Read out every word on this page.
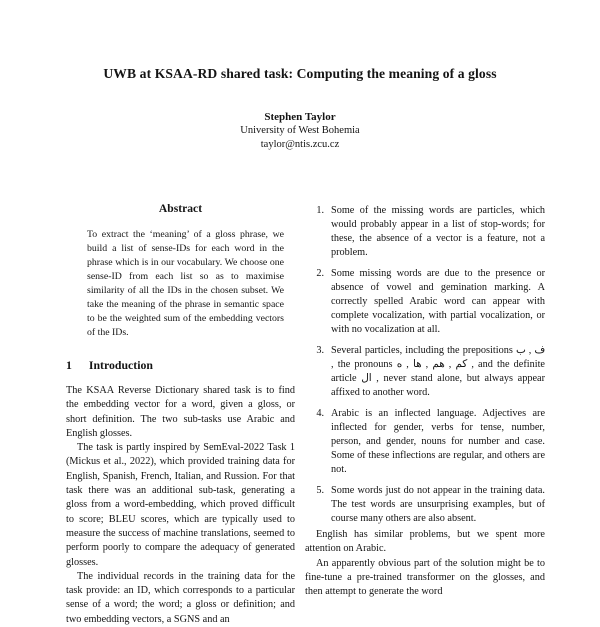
UWB at KSAA-RD shared task: Computing the meaning of a gloss
Stephen Taylor
University of West Bohemia
taylor@ntis.zcu.cz
Abstract
To extract the ‘meaning’ of a gloss phrase, we build a list of sense-IDs for each word in the phrase which is in our vocabulary. We choose one sense-ID from each list so as to maximise similarity of all the IDs in the chosen subset. We take the meaning of the phrase in semantic space to be the weighted sum of the embedding vectors of the IDs.
1 Introduction
The KSAA Reverse Dictionary shared task is to find the embedding vector for a word, given a gloss, or short definition. The two sub-tasks use Arabic and English glosses.
The task is partly inspired by SemEval-2022 Task 1 (Mickus et al., 2022), which provided training data for English, Spanish, French, Italian, and Russion. For that task there was an additional sub-task, generating a gloss from a word-embedding, which proved difficult to score; BLEU scores, which are typically used to measure the success of machine translations, seemed to perform poorly to compare the adequacy of generated glosses.
The individual records in the training data for the task provide: an ID, which corresponds to a particular sense of a word; the word; a gloss or definition; and two embedding vectors, a SGNS and an
1. Some of the missing words are particles, which would probably appear in a list of stop-words; for these, the absence of a vector is a feature, not a problem.
2. Some missing words are due to the presence or absence of vowel and gemination marking. A correctly spelled Arabic word can appear with complete vocalization, with partial vocalization, or with no vocalization at all.
3. Several particles, including the prepositions ف , ب , the pronouns كم , هم , ها , ه , and the definite article ال , never stand alone, but always appear affixed to another word.
4. Arabic is an inflected language. Adjectives are inflected for gender, verbs for tense, number, person, and gender, nouns for number and case. Some of these inflections are regular, and others are not.
5. Some words just do not appear in the training data. The test words are unsurprising examples, but of course many others are also absent.
English has similar problems, but we spent more attention on Arabic.
An apparently obvious part of the solution might be to fine-tune a pre-trained transformer on the glosses, and then attempt to generate the word
